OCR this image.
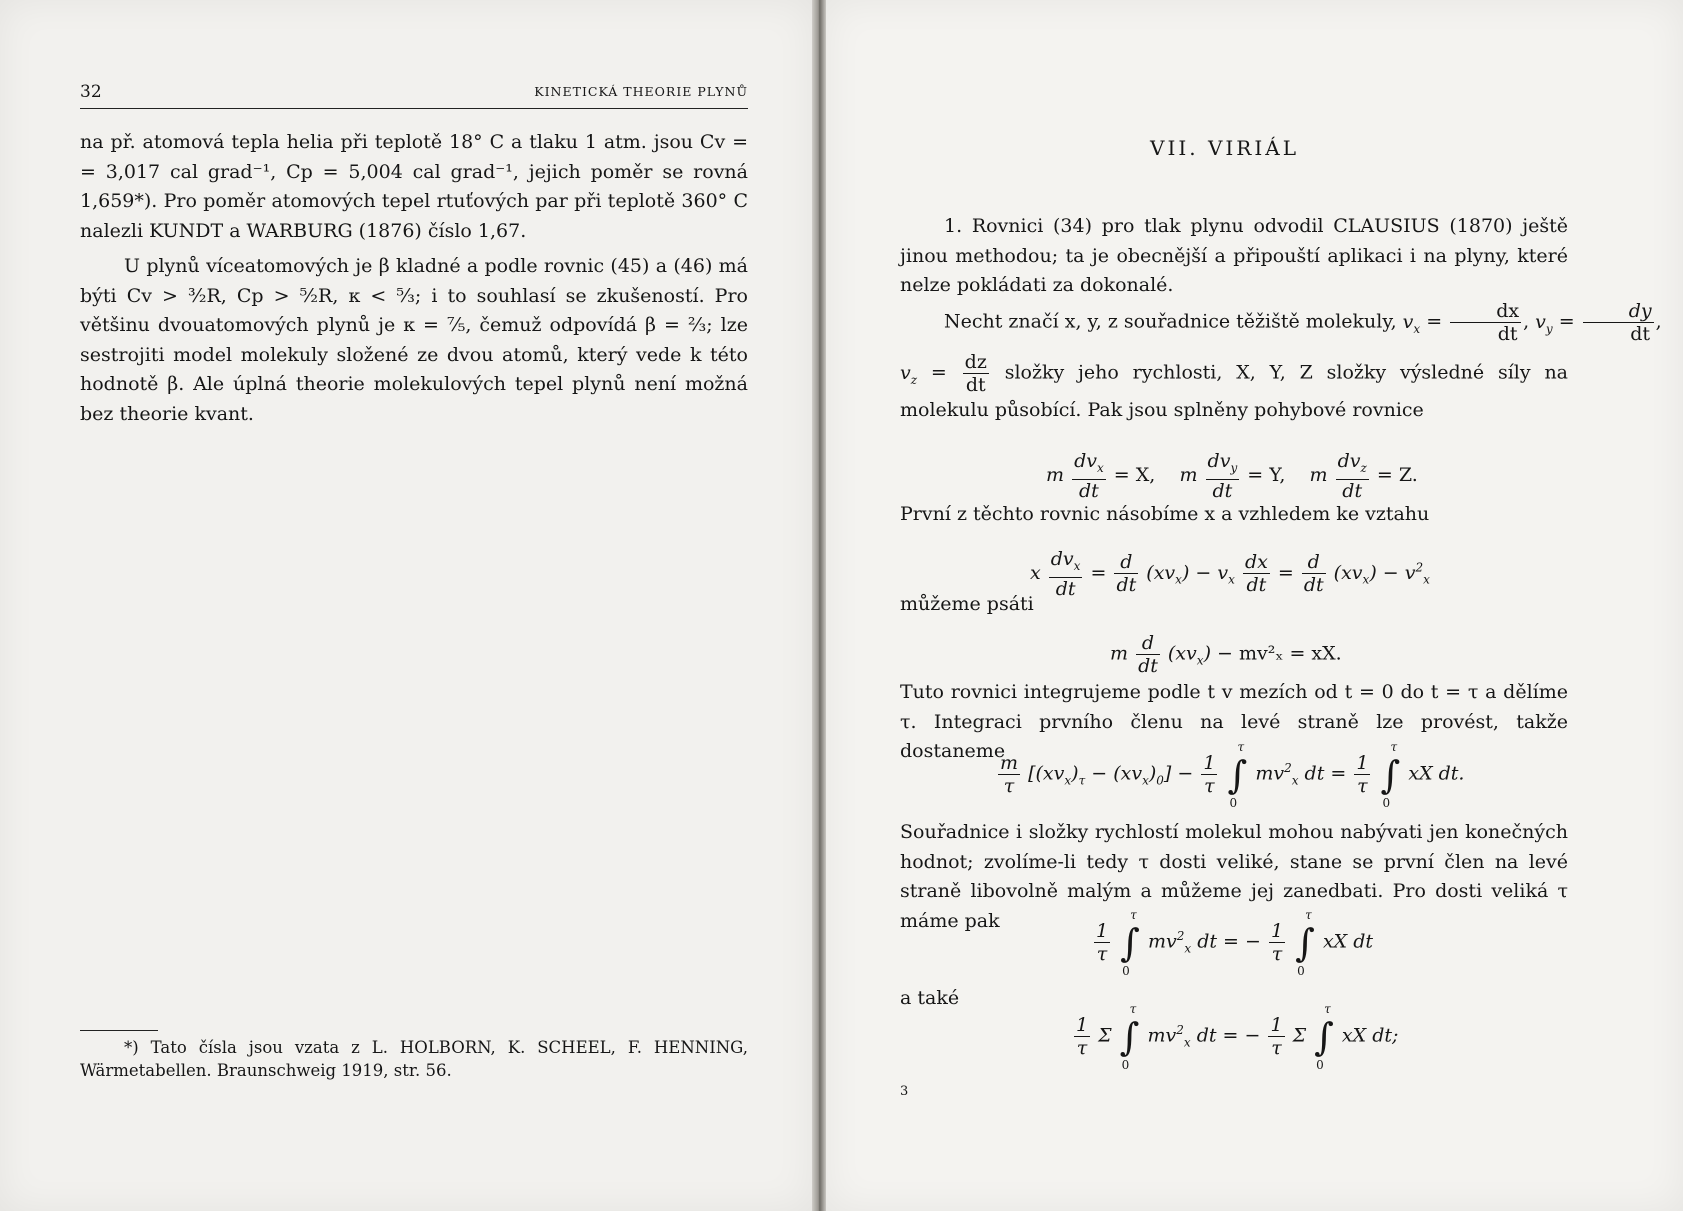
32	KINETICKÁ THEORIE PLYNŮ

na př. atomová tepla helia při teplotě 18° C a tlaku 1 atm. jsou Cv = = 3,017 cal grad⁻¹, Cp = 5,004 cal grad⁻¹, jejich poměr se rovná 1,659*). Pro poměr atomových tepel rtuťových par při teplotě 360° C nalezli KUNDT a WARBURG (1876) číslo 1,67.

U plynů víceatomových je β kladné a podle rovnic (45) a (46) má býti Cv > ³⁄₂R, Cp > ⁵⁄₂R, κ < ⁵⁄₃; i to souhlasí se zkušeností. Pro většinu dvouatomových plynů je κ = ⁷⁄₅, čemuž odpovídá β = ²⁄₃; lze sestrojiti model molekuly složené ze dvou atomů, který vede k této hodnotě β. Ale úplná theorie molekulových tepel plynů není možná bez theorie kvant.

*) Tato čísla jsou vzata z L. HOLBORN, K. SCHEEL, F. HENNING, Wärmetabellen. Braunschweig 1919, str. 56.
VII. VIRIÁL

1. Rovnici (34) pro tlak plynu odvodil CLAUSIUS (1870) ještě jinou methodou; ta je obecnější a připouští aplikaci i na plyny, které nelze pokládati za dokonalé.

Necht značí x, y, z souřadnice těžiště molekuly, $v_x = \frac{dx}{dt}$ , $v_y = \frac{dy}{dt}$
$v_z = \frac{dz}{dt}$ složky jeho rychlosti, X, Y, Z složky výsledné síly na molekulu působící. Pak jsou splněny pohybové rovnice
m $\frac{dv_x}{dt} = X$,    m $\frac{dv_y}{dt} = Y$,    m $\frac{dv_z}{dt} = Z$.

První z těchto rovnic násobíme x a vzhledem ke vztahu

x $\frac{dv_x}{dt} = \frac{d}{dt} (xv_x) - v_x \frac{dx}{dt} = \frac{d}{dt} (xv_x) - v^2_x$

můžeme psáti

m $\frac{d}{dt} (xv_x) - mv^2_x$ = xX.

Tuto rovnici integrujeme podle t v mezích od t = 0 do t = τ a dělíme τ. Integraci prvního členu na levé straně lze provést, takže dostaneme

$\frac{m}{\tau} [(xv_x)_\tau - (xv_x)_0] - \frac{1}{\tau}$ ∫
τ
0
$mv^2_x$ dt = $\frac{1}{\tau}$ ∫
τ
0
xX dt.

Souřadnice i složky rychlostí molekul mohou nabývati jen konečných hodnot; zvolíme-li tedy τ dosti veliké, stane se první člen na levé straně libovolně malým a můžeme jej zanedbati. Pro dosti veliká τ máme pak	$\frac{1}{\tau}$ ∫
τ
0
$mv^2_x$ dt = − $\frac{1}{\tau}$ ∫
τ
0
xX dt

a také

$\frac{1}{\tau}$ Σ ∫
τ
0
$mv^2_x$ dt = − $\frac{1}{\tau}$ Σ ∫
τ
0
xX dt;
3
